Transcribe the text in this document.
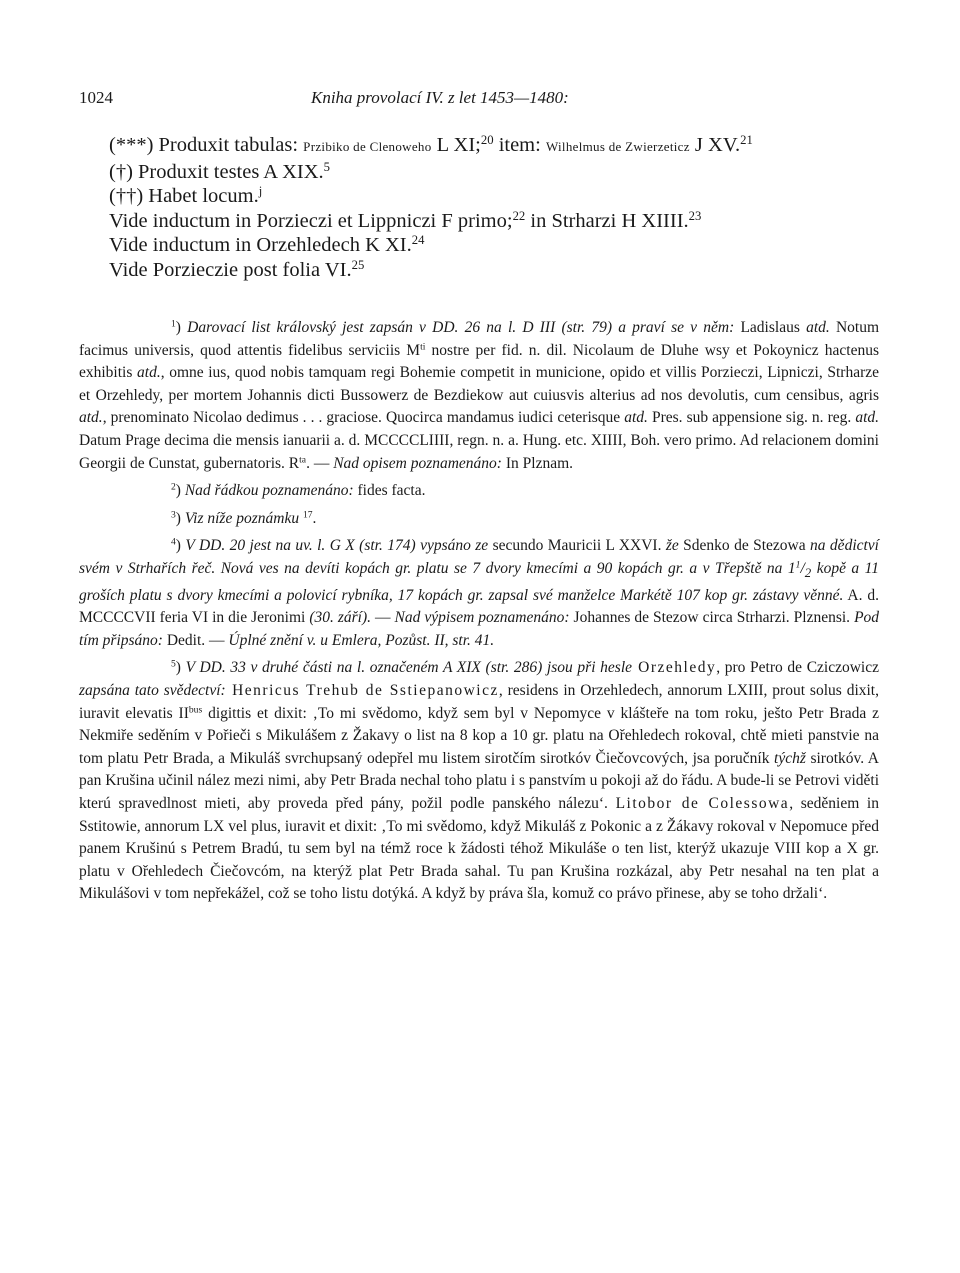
1024	Kniha provolací IV. z let 1453—1480:

(***) Produxit tabulas: Przibiko de Clenoweho L XI;$^{20}$ item: Wilhelmus de Zwierzeticz J XV.$^{21}$

(†) Produxit testes A XIX.$^5$

(††) Habet locum.$^j$

Vide inductum in Porzieczi et Lippniczi F primo;$^{22}$ in Strharzi H XIIII.$^{23}$

Vide inductum in Orzehledech K XI.$^{24}$

Vide Porzieczie post folia VI.$^{25}$

$^1$) Darovací list královský jest zapsán v DD. 26 na l. D III (str. 79) a praví se v něm: Ladislaus atd. Notum facimus universis, quod attentis fidelibus serviciis $M^{ti}$ nostre per fid. n. dil. Nicolaum de Dluhe wsy et Pokoynicz hactenus exhibitis atd., omne ius, quod nobis tamquam regi Bohemie competit in municione, opido et villis Porzieczi, Lipniczi, Strharze et Orzehledy, per mortem Johannis dicti Bussowerz de Bezdiekow aut cuiusvis alterius ad nos devolutis, cum censibus, agris atd., prenominato Nicolao dedimus . . . graciose. Quocirca mandamus iudici ceterisque atd. Pres. sub appensione sig. n. reg. atd. Datum Prage decima die mensis ianuarii a. d. MCCCCLIIII, regn. n. a. Hung. etc. XIIII, Boh. vero primo. Ad relacionem domini Georgii de Cunstat, gubernatoris. $R^{ta}$. — Nad opisem poznamenáno: In Plznam.

$^2$) Nad řádkou poznamenáno: fides facta.

$^3$) Viz níže poznámku $^{17}$.

$^4$) V DD. 20 jest na uv. l. G X (str. 174) vypsáno ze secundo Mauricii L XXVI. že Sdenko de Stezowa na dědictví svém v Strhařích řeč. Nová ves na devíti kopách gr. platu se 7 dvory kmecími a 90 kopách gr. a v Třepště na $1^1/_2$ kopě a 11 groších platu s dvory kmecími a polovicí rybníka, 17 kopách gr. zapsal své manželce Markétě 107 kop gr. zástavy věnné. A. d. MCCCCVII feria VI in die Jeronimi (30. září). — Nad výpisem poznamenáno: Johannes de Stezow circa Strharzi. Plznensi. Pod tím připsáno: Dedit. — Úplné znění v. u Emlera, Pozůst. II, str. 41.

$^5$) V DD. 33 v druhé části na l. označeném A XIX (str. 286) jsou při hesle Orzehledy, pro Petro de Cziczowicz zapsána tato svědectví: Henricus Trehub de Sstiepanowicz, residens in Orzehledech, annorum LXIII, prout solus dixit, iuravit elevatis $II^{bus}$ digittis et dixit: ‚To mi svědomo, když sem byl v Nepomyce v klášteře na tom roku, ješto Petr Brada z Nekmiře seděním v Pořieči s Mikulášem z Žakavy o list na 8 kop a 10 gr. platu na Ořehledech rokoval, chtě mieti panstvie na tom platu Petr Brada, a Mikuláš svrchupsaný odepřel mu listem sirotčím sirotkóv Čiečovcových, jsa poručník týchž sirotkóv. A pan Krušina učinil nález mezi nimi, aby Petr Brada nechal toho platu i s panstvím u pokoji až do řádu. A bude-li se Petrovi viděti kterú spravedlnost mieti, aby proveda před pány, požil podle panského nálezu‘. Litobor de Colessowa, seděniem in Sstitowie, annorum LX vel plus, iuravit et dixit: ‚To mi svědomo, když Mikuláš z Pokonic a z Žákavy rokoval v Nepomuce před panem Krušinú s Petrem Bradú, tu sem byl na témž roce k žádosti téhož Mikuláše o ten list, kterýž ukazuje VIII kop a X gr. platu v Ořehledech Čiečovcóm, na kterýž plat Petr Brada sahal. Tu pan Krušina rozkázal, aby Petr nesahal na ten plat a Mikulášovi v tom nepřekážel, což se toho listu dotýká. A když by práva šla, komuž co právo přinese, aby se toho držali‘.
